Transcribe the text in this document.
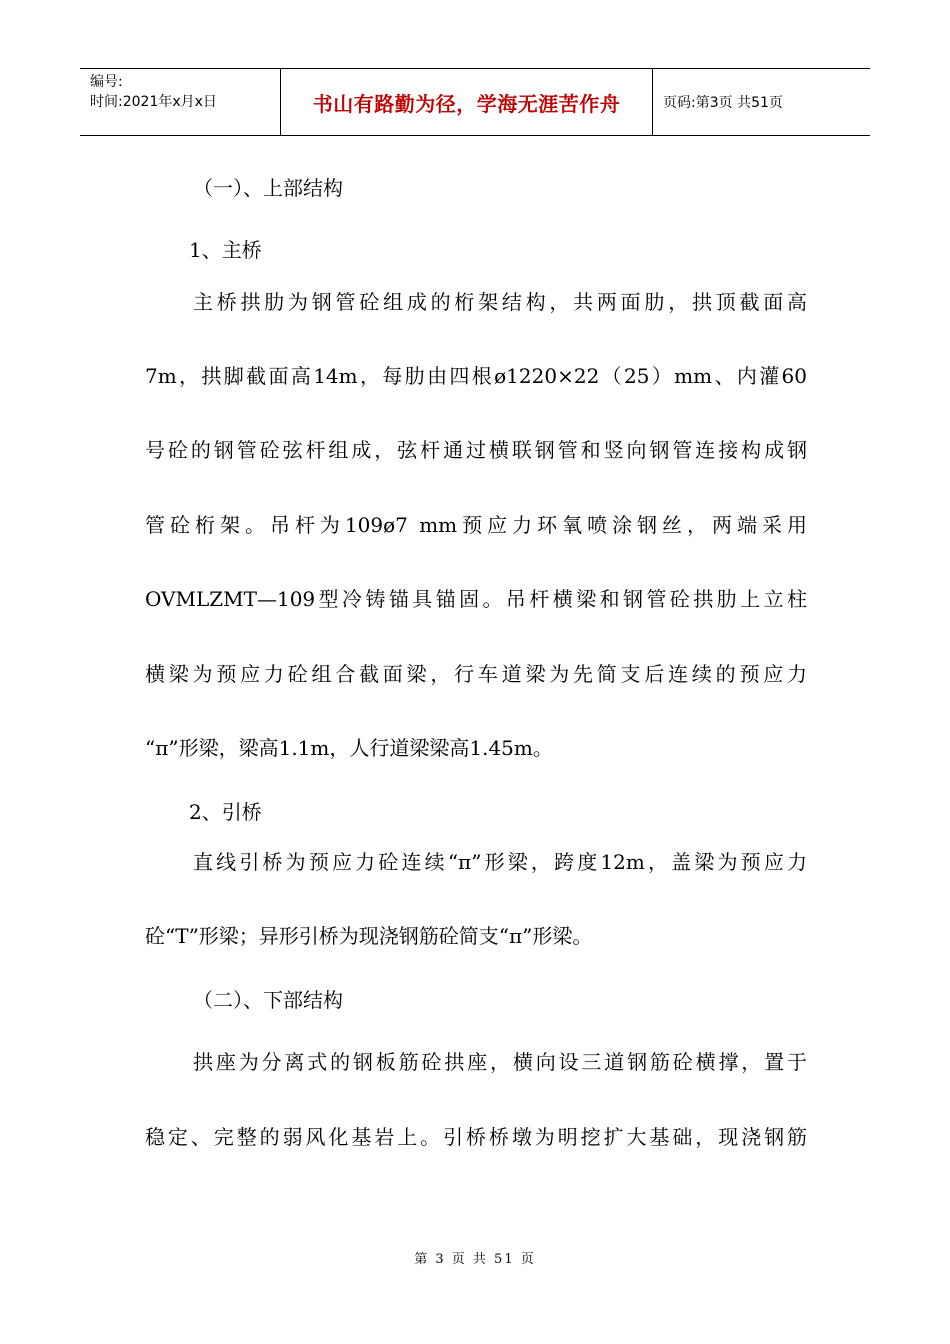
编号:
时间:2021年x月x日	书山有路勤为径，学海无涯苦作舟	页码:第3页 共51页
（一）、上部结构
1、主桥
主桥拱肋为钢管砼组成的桁架结构，共两面肋，拱顶截面高
7m，拱脚截面高14m，每肋由四根ø1220×22（25）mm、内灌60
号砼的钢管砼弦杆组成，弦杆通过横联钢管和竖向钢管连接构成钢
管砼桁架。吊杆为109ø7 mm预应力环氧喷涂钢丝，两端采用
OVMLZMT—109型冷铸锚具锚固。吊杆横梁和钢管砼拱肋上立柱
横梁为预应力砼组合截面梁，行车道梁为先简支后连续的预应力
“π”形梁，梁高1.1m，人行道梁梁高1.45m。
2、引桥
直线引桥为预应力砼连续“π”形梁，跨度12m，盖梁为预应力
砼“T”形梁；异形引桥为现浇钢筋砼简支“π”形梁。
（二）、下部结构
拱座为分离式的钢板筋砼拱座，横向设三道钢筋砼横撑，置于
稳定、完整的弱风化基岩上。引桥桥墩为明挖扩大基础，现浇钢筋
第 3 页 共 51 页
